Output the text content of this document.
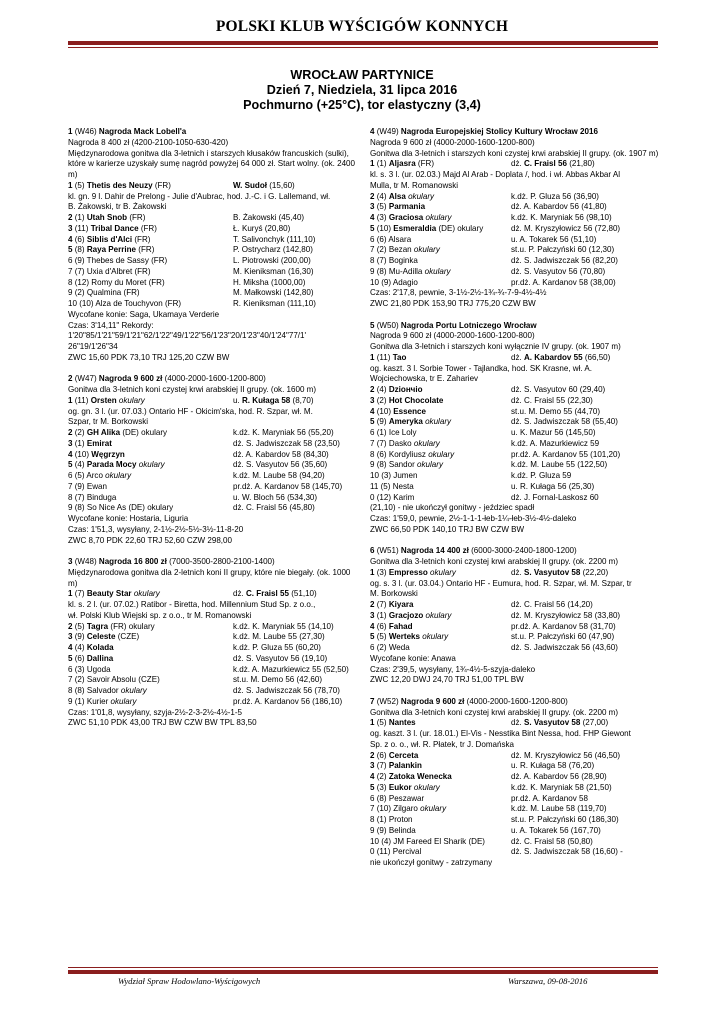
POLSKI KLUB WYŚCIGÓW KONNYCH
WROCŁAW PARTYNICE
Dzień 7, Niedziela, 31 lipca 2016
Pochmurno (+25°C), tor elastyczny (3,4)
1 (W46) Nagroda Mack Lobell'a
Nagroda 8 400 zł (4200-2100-1050-630-420)
Międzynarodowa gonitwa dla 3-letnich i starszych kłusaków francuskich (sulki), które w karierze uzyskały sumę nagród powyżej 64 000 zł. Start wolny. (ok. 2400 m)
1 (5) Thetis des Neuzy (FR)	W. Sudoł (15,60)
kl. gn. 9 l. Dahir de Prelong - Julie d'Aubrac, hod. J.-C. i G. Lallemand, wł.
B. Żakowski, tr B. Żakowski
2 (1) Utah Snob (FR)	B. Żakowski (45,40)
3 (11) Tribal Dance (FR)	Ł. Kuryś (20,80)
4 (6) Siblis d'Alci (FR)	T. Salivonchyk (111,10)
5 (8) Raya Perrine (FR)	P. Ostrycharz (142,80)
6 (9) Thebes de Sassy (FR)	L. Piotrowski (200,00)
7 (7) Uxia d'Albret (FR)	M. Kieniksman (16,30)
8 (12) Romy du Moret (FR)	H. Miksha (1000,00)
9 (2) Qualmina (FR)	M. Małkowski (142,80)
10 (10) Alza de Touchyvon (FR)	R. Kieniksman (111,10)
Wycofane konie: Saga, Ukamaya Verderie
Czas: 3'14,11" Rekordy:
1'20"85/1'21"59/1'21"62/1'22"49/1'22"56/1'23"20/1'23"40/1'24"77/1'
26"19/1'26"34
ZWC 15,60 PDK 73,10 TRJ 125,20 CZW BW
2 (W47) Nagroda 9 600 zł (4000-2000-1600-1200-800)
Gonitwa dla 3-letnich koni czystej krwi arabskiej II grupy. (ok. 1600 m)
1 (11) Orsten okulary	u. R. Kułaga 58 (8,70)
og. gn. 3 l. (ur. 07.03.) Ontario HF - Okicim'ska, hod. R. Szpar, wł. M.
Szpar, tr M. Borkowski
2 (2) GH Alika (DE) okulary	k.dż. K. Maryniak 56 (55,20)
3 (1) Emirat	dż. S. Jadwiszczak 58 (23,50)
4 (10) Węgrzyn	dż. A. Kabardov 58 (84,30)
5 (4) Parada Mocy okulary	dż. S. Vasyutov 56 (35,60)
6 (5) Arco okulary	k.dż. M. Laube 58 (94,20)
7 (9) Ewan	pr.dż. A. Kardanov 58 (145,70)
8 (7) Binduga	u. W. Bloch 56 (534,30)
9 (8) So Nice As (DE) okulary	dż. C. Fraisl 56 (45,80)
Wycofane konie: Hostaria, Liguria
Czas: 1'51,3, wysyłany, 2-1½-2½-5½-3½-11-8-20
ZWC 8,70 PDK 22,60 TRJ 52,60 CZW 298,00
3 (W48) Nagroda 16 800 zł (7000-3500-2800-2100-1400)
Międzynarodowa gonitwa dla 2-letnich koni II grupy, które nie biegały. (ok. 1000 m)
1 (7) Beauty Star okulary	dż. C. Fraisl 55 (51,10)
kl. s. 2 l. (ur. 07.02.) Ratibor - Biretta, hod. Millennium Stud Sp. z o.o.,
wł. Polski Klub Wiejski sp. z o.o., tr M. Romanowski
2 (5) Tagra (FR) okulary	k.dż. K. Maryniak 55 (14,10)
3 (9) Celeste (CZE)	k.dż. M. Laube 55 (27,30)
4 (4) Kolada	k.dż. P. Gluza 55 (60,20)
5 (6) Dallina	dż. S. Vasyutov 56 (19,10)
6 (3) Ugoda	k.dż. A. Mazurkiewicz 55 (52,50)
7 (2) Savoir Absolu (CZE)	st.u. M. Demo 56 (42,60)
8 (8) Salvador okulary	dż. S. Jadwiszczak 56 (78,70)
9 (1) Kurier okulary	pr.dż. A. Kardanov 56 (186,10)
Czas: 1'01,8, wysyłany, szyja-2½-2-3-2½-4½-1-5
ZWC 51,10 PDK 43,00 TRJ BW CZW BW TPL 83,50
4 (W49) Nagroda Europejskiej Stolicy Kultury Wrocław 2016
Nagroda 9 600 zł (4000-2000-1600-1200-800)
Gonitwa dla 3-letnich i starszych koni czystej krwi arabskiej II grupy. (ok. 1907 m)
1 (1) Aljasra (FR)	dż. C. Fraisl 56 (21,80)
kl. s. 3 l. (ur. 02.03.) Majd Al Arab - Doplata /, hod. i wł. Abbas Akbar Al
Mulla, tr M. Romanowski
2 (4) Alsa okulary	k.dż. P. Gluza 56 (36,90)
3 (5) Parmania	dż. A. Kabardov 56 (41,80)
4 (3) Graciosa okulary	k.dż. K. Maryniak 56 (98,10)
5 (10) Esmeraldia (DE) okulary	dż. M. Kryszyłowicz 56 (72,80)
6 (6) Alsara	u. A. Tokarek 56 (51,10)
7 (2) Bezan okulary	st.u. P. Pałczyński 60 (12,30)
8 (7) Boginka	dż. S. Jadwiszczak 56 (82,20)
9 (8) Mu-Adilla okulary	dż. S. Vasyutov 56 (70,80)
10 (9) Adagio	pr.dż. A. Kardanov 58 (38,00)
Czas: 2'17,8, pewnie, 3-1½-2½-1¾-¾-7-9-4½-4½
ZWC 21,80 PDK 153,90 TRJ 775,20 CZW BW
5 (W50) Nagroda Portu Lotniczego Wrocław
Nagroda 9 600 zł (4000-2000-1600-1200-800)
Gonitwa dla 3-letnich i starszych koni wyłącznie IV grupy. (ok. 1907 m)
1 (11) Tao	dż. A. Kabardov 55 (66,50)
og. kaszt. 3 l. Sorbie Tower - Tajlandka, hod. SK Krasne, wł. A.
Wojciechowska, tr E. Zahariev
2 (4) Dziончio	dż. S. Vasyutov 60 (29,40)
3 (2) Hot Chocolate	dż. C. Fraisl 55 (22,30)
4 (10) Essence	st.u. M. Demo 55 (44,70)
5 (9) Ameryka okulary	dż. S. Jadwiszczak 58 (55,40)
6 (1) Ice Loly	u. K. Mazur 56 (145,50)
7 (7) Dasko okulary	k.dż. A. Mazurkiewicz 59
8 (6) Kordyliusz okulary	pr.dż. A. Kardanov 55 (101,20)
9 (8) Sandor okulary	k.dż. M. Laube 55 (122,50)
10 (3) Jumen	k.dż. P. Gluza 59
11 (5) Nesta	u. R. Kułaga 56 (25,30)
0 (12) Karim	dż. J. Fornal-Laskosz 60
(21,10) - nie ukończył gonitwy - jeździec spadł
Czas: 1'59,0, pewnie, 2½-1-1-1-łeb-1¼-łeb-3½-4½-daleko
ZWC 66,50 PDK 140,10 TRJ BW CZW BW
6 (W51) Nagroda 14 400 zł (6000-3000-2400-1800-1200)
Gonitwa dla 3-letnich koni czystej krwi arabskiej II grupy. (ok. 2200 m)
1 (3) Empresso okulary	dż. S. Vasyutov 58 (22,20)
og. s. 3 l. (ur. 03.04.) Ontario HF - Eumura, hod. R. Szpar, wł. M. Szpar, tr
M. Borkowski
2 (7) Kiyara	dż. C. Fraisl 56 (14,20)
3 (1) Gracjozo okulary	dż. M. Kryszyłowicz 58 (33,80)
4 (6) Fahad	pr.dż. A. Kardanov 58 (31,70)
5 (5) Werteks okulary	st.u. P. Pałczyński 60 (47,90)
6 (2) Weda	dż. S. Jadwiszczak 56 (43,60)
Wycofane konie: Anawa
Czas: 2'39,5, wysyłany, 1¾-4½-5-szyja-daleko
ZWC 12,20 DWJ 24,70 TRJ 51,00 TPL BW
7 (W52) Nagroda 9 600 zł (4000-2000-1600-1200-800)
Gonitwa dla 3-letnich koni czystej krwi arabskiej II grupy. (ok. 2200 m)
1 (5) Nantes	dż. S. Vasyutov 58 (27,00)
og. kaszt. 3 l. (ur. 18.01.) El-Vis - Nesstika Bint Nessa, hod. FHP Giewont
Sp. z o. o., wł. R. Płatek, tr J. Domańska
2 (6) Cerceta	dż. M. Kryszyłowicz 56 (46,50)
3 (7) Palankin	u. R. Kułaga 58 (76,20)
4 (2) Zatoka Wenecka	dż. A. Kabardov 56 (28,90)
5 (3) Eukor okulary	k.dż. K. Maryniak 58 (21,50)
6 (8) Peszawar	pr.dż. A. Kardanov 58
7 (10) Zilgaro okulary	k.dż. M. Laube 58 (119,70)
8 (1) Proton	st.u. P. Pałczyński 60 (186,30)
9 (9) Belinda	u. A. Tokarek 56 (167,70)
10 (4) JM Fareed El Sharik (DE)	dż. C. Fraisl 58 (50,80)
0 (11) Percival	dż. S. Jadwiszczak 58 (16,60) -
nie ukończył gonitwy - zatrzymany
Wydział Spraw Hodowlano-Wyścigowych	Warszawa, 09-08-2016
